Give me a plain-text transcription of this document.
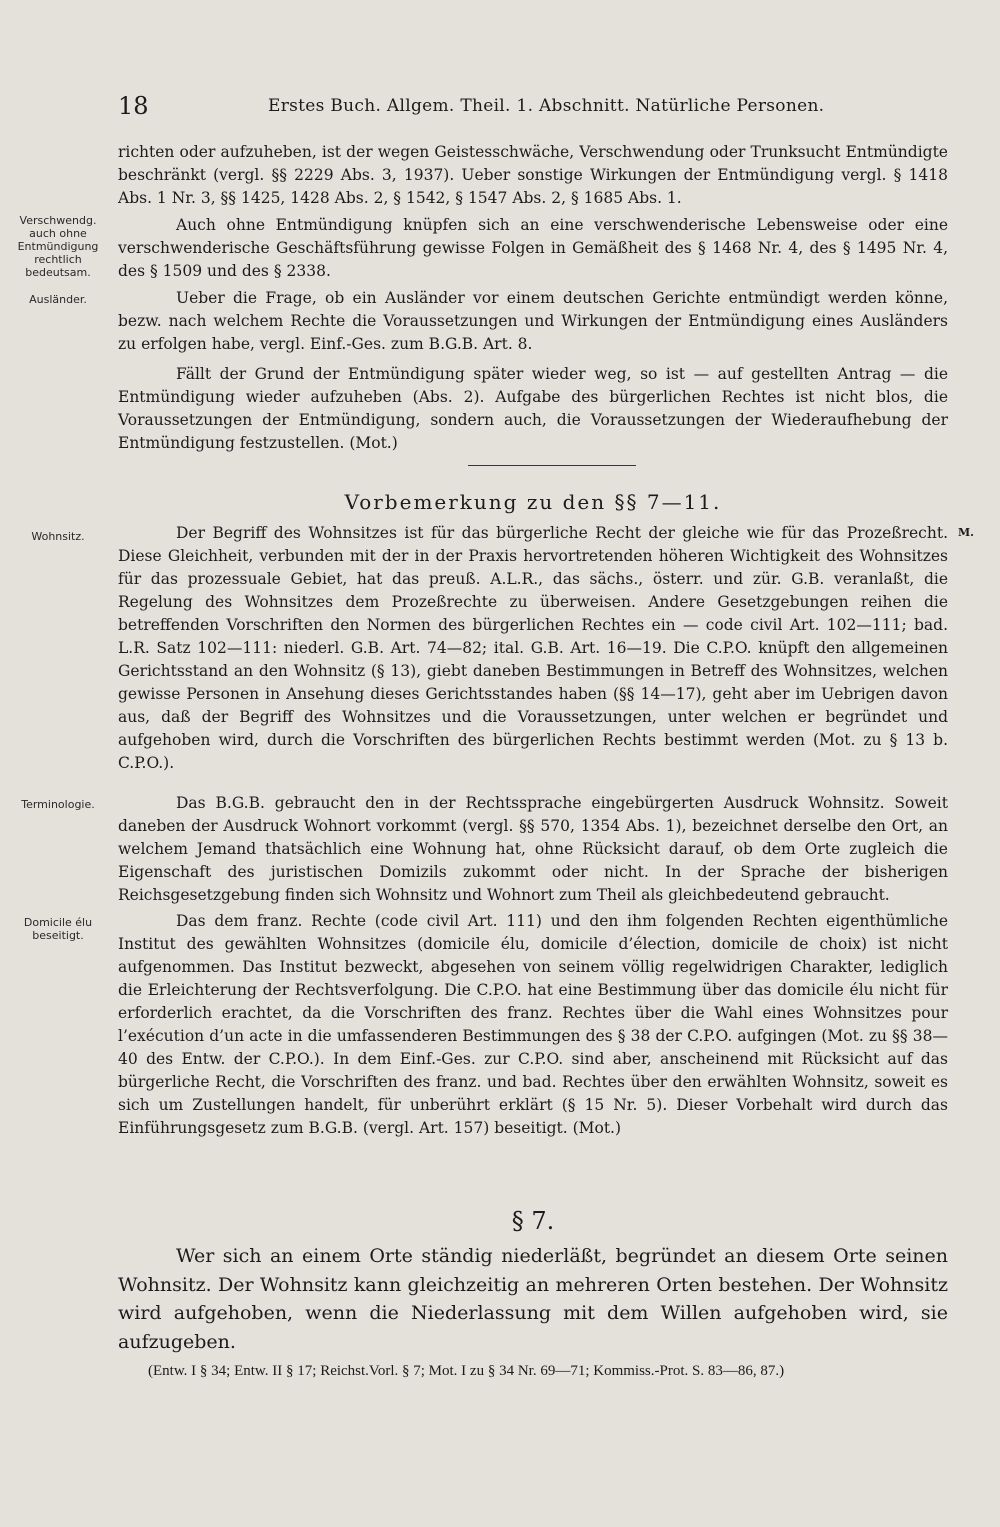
18	Erstes Buch. Allgem. Theil. 1. Abschnitt. Natürliche Personen.
Verschwendg. auch ohne Entmündigung rechtlich bedeutsam.
Ausländer.
Wohnsitz.
Terminologie.
Domicile élu beseitigt.
M.

richten oder aufzuheben, ist der wegen Geistesschwäche, Verschwendung oder Trunksucht Entmündigte beschränkt (vergl. §§ 2229 Abs. 3, 1937). Ueber sonstige Wirkungen der Entmündigung vergl. § 1418 Abs. 1 Nr. 3, §§ 1425, 1428 Abs. 2, § 1542, § 1547 Abs. 2, § 1685 Abs. 1.

Auch ohne Entmündigung knüpfen sich an eine verschwenderische Lebensweise oder eine verschwenderische Geschäftsführung gewisse Folgen in Gemäßheit des § 1468 Nr. 4, des § 1495 Nr. 4, des § 1509 und des § 2338.

Ueber die Frage, ob ein Ausländer vor einem deutschen Gerichte entmündigt werden könne, bezw. nach welchem Rechte die Voraussetzungen und Wirkungen der Entmündigung eines Ausländers zu erfolgen habe, vergl. Einf.-Ges. zum B.G.B. Art. 8.

Fällt der Grund der Entmündigung später wieder weg, so ist — auf gestellten Antrag — die Entmündigung wieder aufzuheben (Abs. 2). Aufgabe des bürgerlichen Rechtes ist nicht blos, die Voraussetzungen der Entmündigung, sondern auch, die Voraussetzungen der Wiederaufhebung der Entmündigung festzustellen. (Mot.)

Vorbemerkung zu den §§ 7—11.

Der Begriff des Wohnsitzes ist für das bürgerliche Recht der gleiche wie für das Prozeßrecht. Diese Gleichheit, verbunden mit der in der Praxis hervortretenden höheren Wichtigkeit des Wohnsitzes für das prozessuale Gebiet, hat das preuß. A.L.R., das sächs., österr. und zür. G.B. veranlaßt, die Regelung des Wohnsitzes dem Prozeßrechte zu überweisen. Andere Gesetzgebungen reihen die betreffenden Vorschriften den Normen des bürgerlichen Rechtes ein — code civil Art. 102—111; bad. L.R. Satz 102—111: niederl. G.B. Art. 74—82; ital. G.B. Art. 16—19. Die C.P.O. knüpft den allgemeinen Gerichtsstand an den Wohnsitz (§ 13), giebt daneben Bestimmungen in Betreff des Wohnsitzes, welchen gewisse Personen in Ansehung dieses Gerichtsstandes haben (§§ 14—17), geht aber im Uebrigen davon aus, daß der Begriff des Wohnsitzes und die Voraussetzungen, unter welchen er begründet und aufgehoben wird, durch die Vorschriften des bürgerlichen Rechts bestimmt werden (Mot. zu § 13 b. C.P.O.).

Das B.G.B. gebraucht den in der Rechtssprache eingebürgerten Ausdruck Wohnsitz. Soweit daneben der Ausdruck Wohnort vorkommt (vergl. §§ 570, 1354 Abs. 1), bezeichnet derselbe den Ort, an welchem Jemand thatsächlich eine Wohnung hat, ohne Rücksicht darauf, ob dem Orte zugleich die Eigenschaft des juristischen Domizils zukommt oder nicht. In der Sprache der bisherigen Reichsgesetzgebung finden sich Wohnsitz und Wohnort zum Theil als gleichbedeutend gebraucht.

Das dem franz. Rechte (code civil Art. 111) und den ihm folgenden Rechten eigenthümliche Institut des gewählten Wohnsitzes (domicile élu, domicile d’élection, domicile de choix) ist nicht aufgenommen. Das Institut bezweckt, abgesehen von seinem völlig regelwidrigen Charakter, lediglich die Erleichterung der Rechtsverfolgung. Die C.P.O. hat eine Bestimmung über das domicile élu nicht für erforderlich erachtet, da die Vorschriften des franz. Rechtes über die Wahl eines Wohnsitzes pour l’exécution d’un acte in die umfassenderen Bestimmungen des § 38 der C.P.O. aufgingen (Mot. zu §§ 38—40 des Entw. der C.P.O.). In dem Einf.-Ges. zur C.P.O. sind aber, anscheinend mit Rücksicht auf das bürgerliche Recht, die Vorschriften des franz. und bad. Rechtes über den erwählten Wohnsitz, soweit es sich um Zustellungen handelt, für unberührt erklärt (§ 15 Nr. 5). Dieser Vorbehalt wird durch das Einführungsgesetz zum B.G.B. (vergl. Art. 157) beseitigt. (Mot.)

§ 7.

Wer sich an einem Orte ständig niederläßt, begründet an diesem Orte seinen Wohnsitz. Der Wohnsitz kann gleichzeitig an mehreren Orten bestehen. Der Wohnsitz wird aufgehoben, wenn die Niederlassung mit dem Willen aufgehoben wird, sie aufzugeben.

(Entw. I § 34; Entw. II § 17; Reichst.Vorl. § 7; Mot. I zu § 34 Nr. 69—71; Kommiss.-Prot. S. 83—86, 87.)
